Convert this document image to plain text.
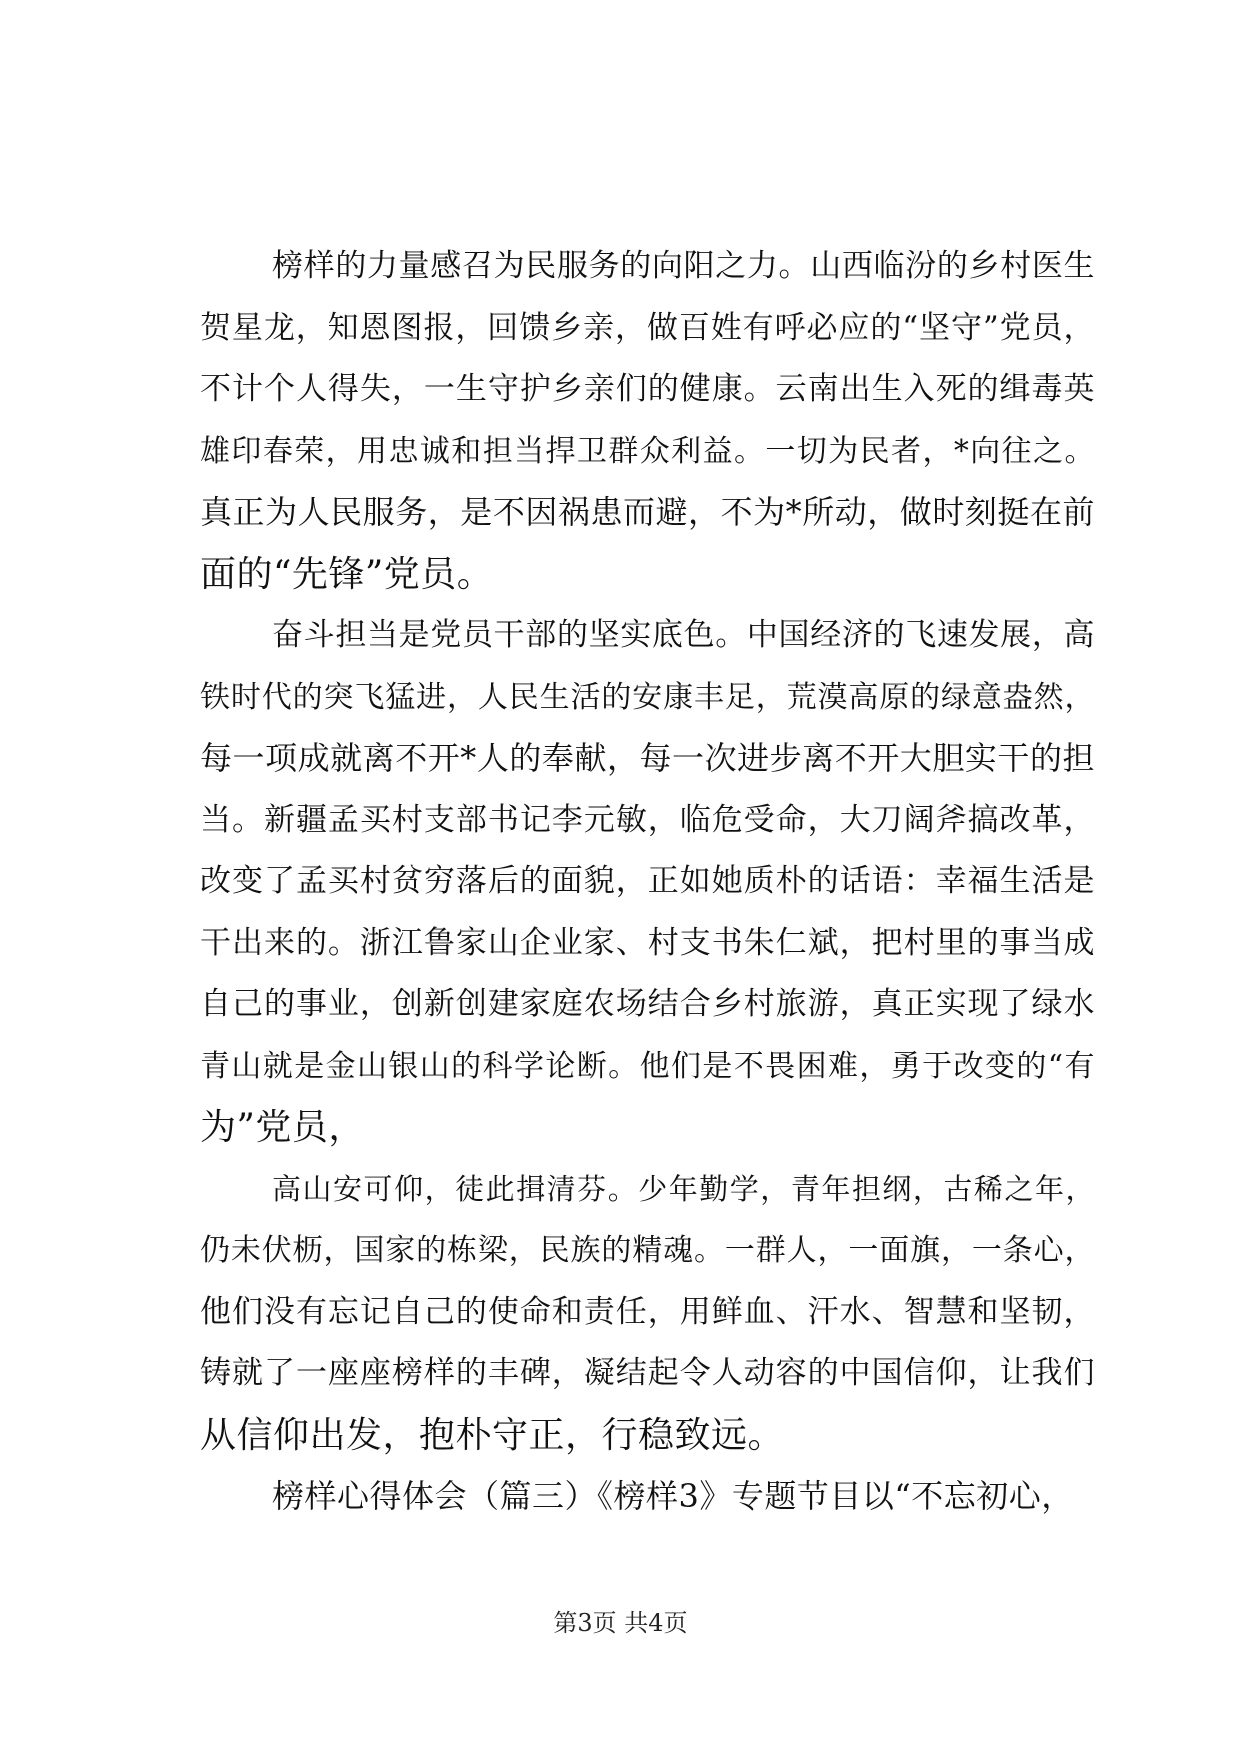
榜样的力量感召为民服务的向阳之力。山西临汾的乡村医生
贺星龙，知恩图报，回馈乡亲，做百姓有呼必应的“坚守”党员，
不计个人得失，一生守护乡亲们的健康。云南出生入死的缉毒英
雄印春荣，用忠诚和担当捍卫群众利益。一切为民者，*向往之。
真正为人民服务，是不因祸患而避，不为*所动，做时刻挺在前
面的“先锋”党员。
奋斗担当是党员干部的坚实底色。中国经济的飞速发展，高
铁时代的突飞猛进，人民生活的安康丰足，荒漠高原的绿意盎然，
每一项成就离不开*人的奉献，每一次进步离不开大胆实干的担
当。新疆孟买村支部书记李元敏，临危受命，大刀阔斧搞改革，
改变了孟买村贫穷落后的面貌，正如她质朴的话语：幸福生活是
干出来的。浙江鲁家山企业家、村支书朱仁斌，把村里的事当成
自己的事业，创新创建家庭农场结合乡村旅游，真正实现了绿水
青山就是金山银山的科学论断。他们是不畏困难，勇于改变的“有
为”党员，
高山安可仰，徒此揖清芬。少年勤学，青年担纲，古稀之年，
仍未伏枥，国家的栋梁，民族的精魂。一群人，一面旗，一条心，
他们没有忘记自己的使命和责任，用鲜血、汗水、智慧和坚韧，
铸就了一座座榜样的丰碑，凝结起令人动容的中国信仰，让我们
从信仰出发，抱朴守正，行稳致远。
榜样心得体会（篇三）《榜样3》专题节目以“不忘初心，
第3页 共4页
